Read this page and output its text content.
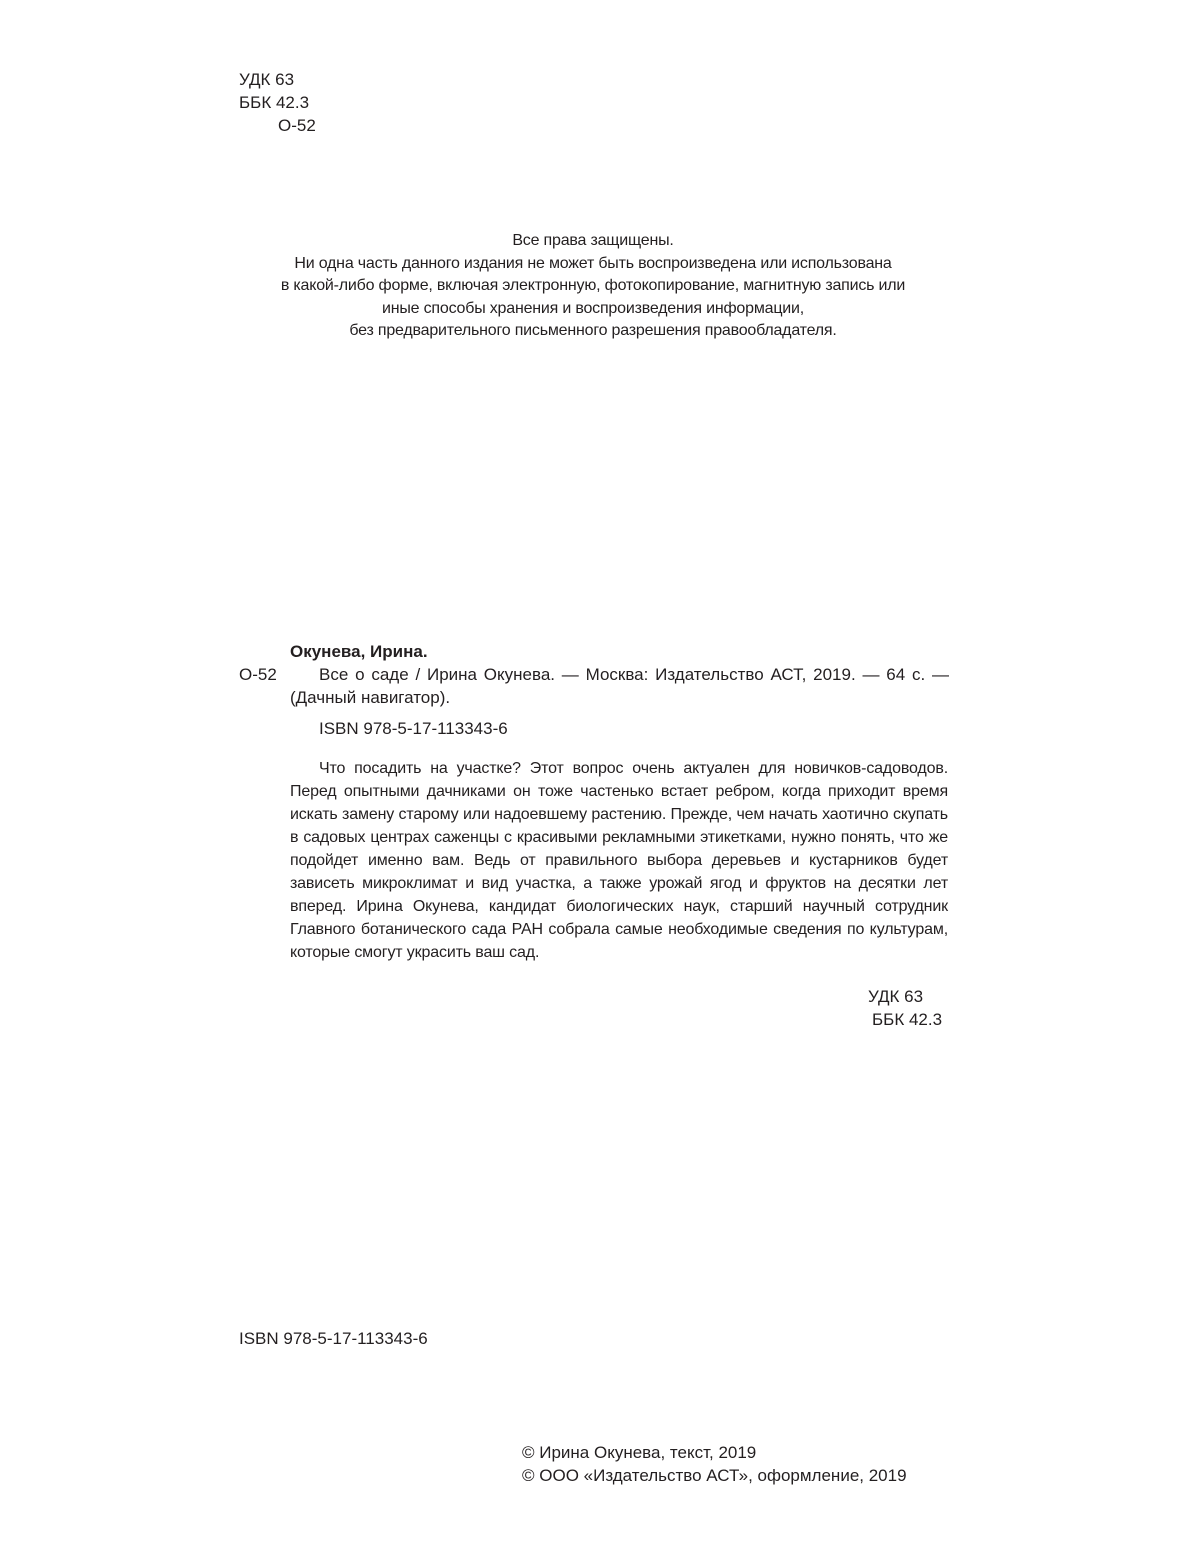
УДК 63
ББК 42.3
О-52
Все права защищены.
Ни одна часть данного издания не может быть воспроизведена или использована
в какой-либо форме, включая электронную, фотокопирование, магнитную запись или
иные способы хранения и воспроизведения информации,
без предварительного письменного разрешения правообладателя.
Окунева, Ирина.
О-52	Все о саде / Ирина Окунева. — Москва: Издательство АСТ, 2019. — 64 с. — (Дачный навигатор).
ISBN 978-5-17-113343-6

Что посадить на участке? Этот вопрос очень актуален для новичков-садоводов. Перед опытными дачниками он тоже частенько встает ребром, когда приходит время искать замену старому или надоевшему растению. Прежде, чем начать хаотично скупать в садовых центрах саженцы с красивыми рекламными этикетками, нужно понять, что же подойдет именно вам. Ведь от правильного выбора деревьев и кустарников будет зависеть микроклимат и вид участка, а также урожай ягод и фруктов на десятки лет вперед. Ирина Окунева, кандидат биологических наук, старший научный сотрудник Главного ботанического сада РАН собрала самые необходимые сведения по культурам, которые смогут украсить ваш сад.

УДК 63
ББК 42.3
ISBN 978-5-17-113343-6
© Ирина Окунева, текст, 2019
© ООО «Издательство АСТ», оформление, 2019
